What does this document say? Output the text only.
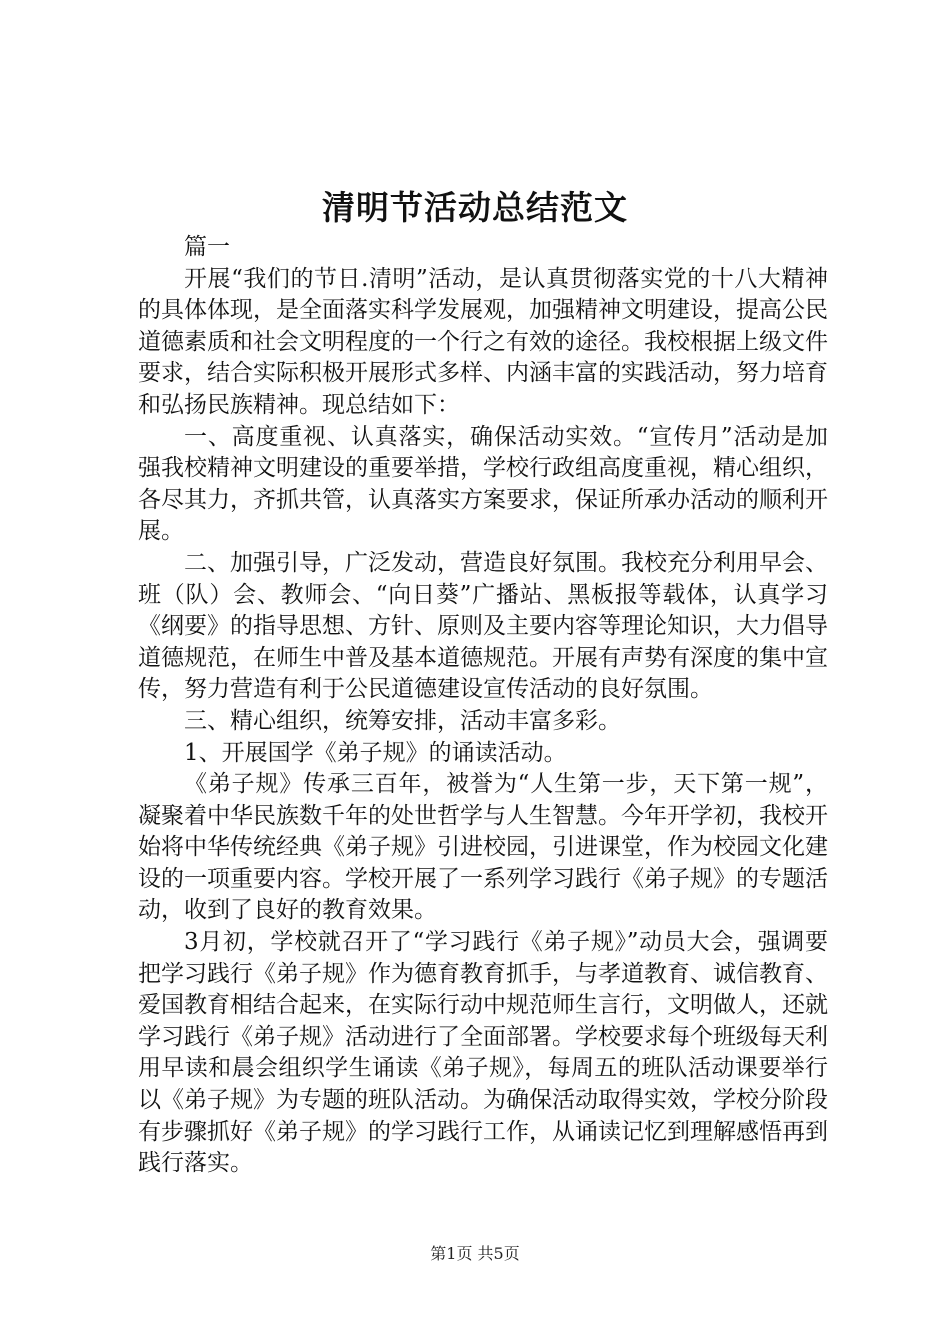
清明节活动总结范文

篇一

开展“我们的节日.清明”活动，是认真贯彻落实党的十八大精神的具体体现，是全面落实科学发展观，加强精神文明建设，提高公民道德素质和社会文明程度的一个行之有效的途径。我校根据上级文件要求，结合实际积极开展形式多样、内涵丰富的实践活动，努力培育和弘扬民族精神。现总结如下：

一、高度重视、认真落实，确保活动实效。“宣传月”活动是加强我校精神文明建设的重要举措，学校行政组高度重视，精心组织，各尽其力，齐抓共管，认真落实方案要求，保证所承办活动的顺利开展。

二、加强引导，广泛发动，营造良好氛围。我校充分利用早会、班（队）会、教师会、“向日葵”广播站、黑板报等载体，认真学习《纲要》的指导思想、方针、原则及主要内容等理论知识，大力倡导道德规范，在师生中普及基本道德规范。开展有声势有深度的集中宣传，努力营造有利于公民道德建设宣传活动的良好氛围。

三、精心组织，统筹安排，活动丰富多彩。

1、开展国学《弟子规》的诵读活动。

《弟子规》传承三百年，被誉为“人生第一步，天下第一规”，凝聚着中华民族数千年的处世哲学与人生智慧。今年开学初，我校开始将中华传统经典《弟子规》引进校园，引进课堂，作为校园文化建设的一项重要内容。学校开展了一系列学习践行《弟子规》的专题活动，收到了良好的教育效果。

3月初，学校就召开了“学习践行《弟子规》”动员大会，强调要把学习践行《弟子规》作为德育教育抓手，与孝道教育、诚信教育、爱国教育相结合起来，在实际行动中规范师生言行，文明做人，还就学习践行《弟子规》活动进行了全面部署。学校要求每个班级每天利用早读和晨会组织学生诵读《弟子规》，每周五的班队活动课要举行以《弟子规》为专题的班队活动。为确保活动取得实效，学校分阶段有步骤抓好《弟子规》的学习践行工作，从诵读记忆到理解感悟再到践行落实。

第1页 共5页
